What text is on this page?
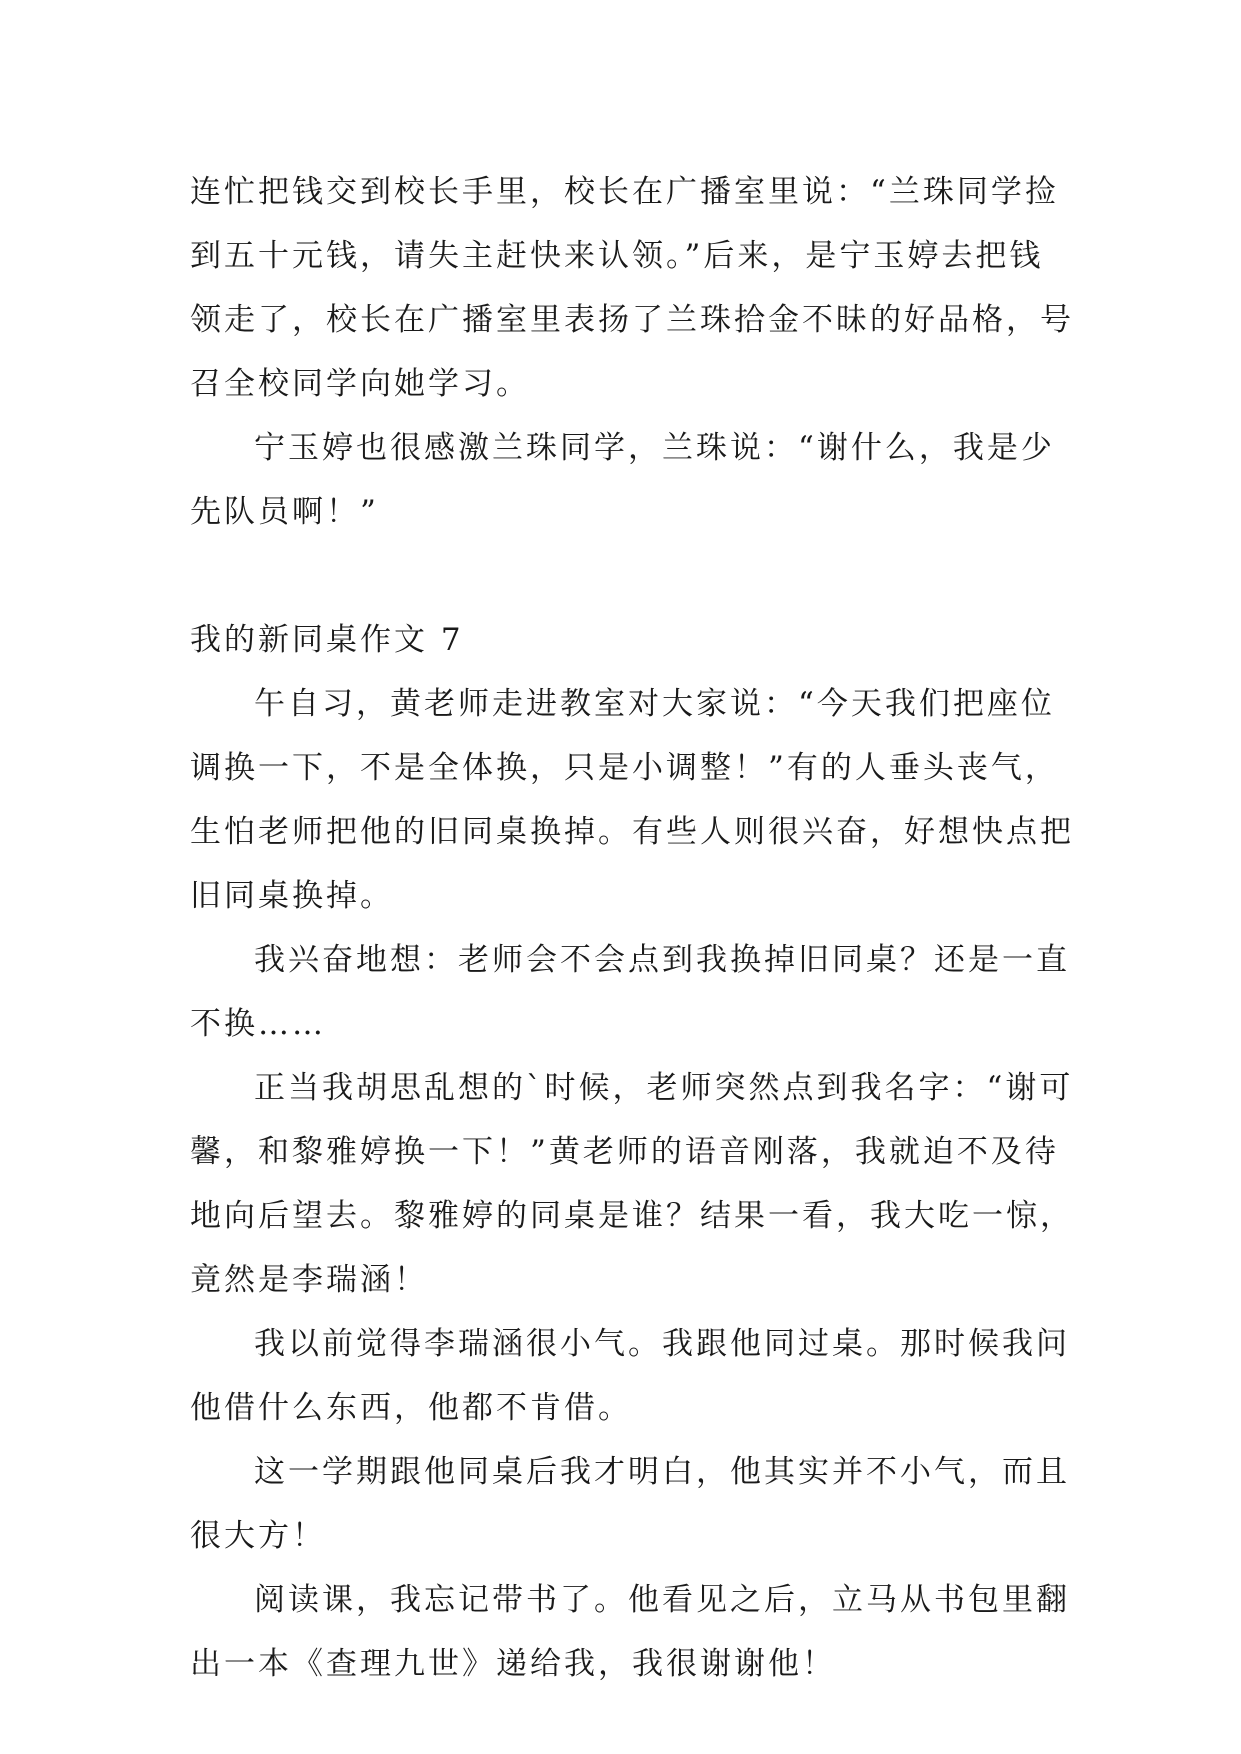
连忙把钱交到校长手里，校长在广播室里说：“兰珠同学捡
到五十元钱，请失主赶快来认领。”后来，是宁玉婷去把钱
领走了，校长在广播室里表扬了兰珠拾金不昧的好品格，号
召全校同学向她学习。
宁玉婷也很感激兰珠同学，兰珠说：“谢什么，我是少
先队员啊！”
我的新同桌作文 7
午自习，黄老师走进教室对大家说：“今天我们把座位
调换一下，不是全体换，只是小调整！”有的人垂头丧气，
生怕老师把他的旧同桌换掉。有些人则很兴奋，好想快点把
旧同桌换掉。
我兴奋地想：老师会不会点到我换掉旧同桌？还是一直
不换……
正当我胡思乱想的`时候，老师突然点到我名字：“谢可
馨，和黎雅婷换一下！”黄老师的语音刚落，我就迫不及待
地向后望去。黎雅婷的同桌是谁？结果一看，我大吃一惊，
竟然是李瑞涵！
我以前觉得李瑞涵很小气。我跟他同过桌。那时候我问
他借什么东西，他都不肯借。
这一学期跟他同桌后我才明白，他其实并不小气，而且
很大方！
阅读课，我忘记带书了。他看见之后，立马从书包里翻
出一本《查理九世》递给我，我很谢谢他！
